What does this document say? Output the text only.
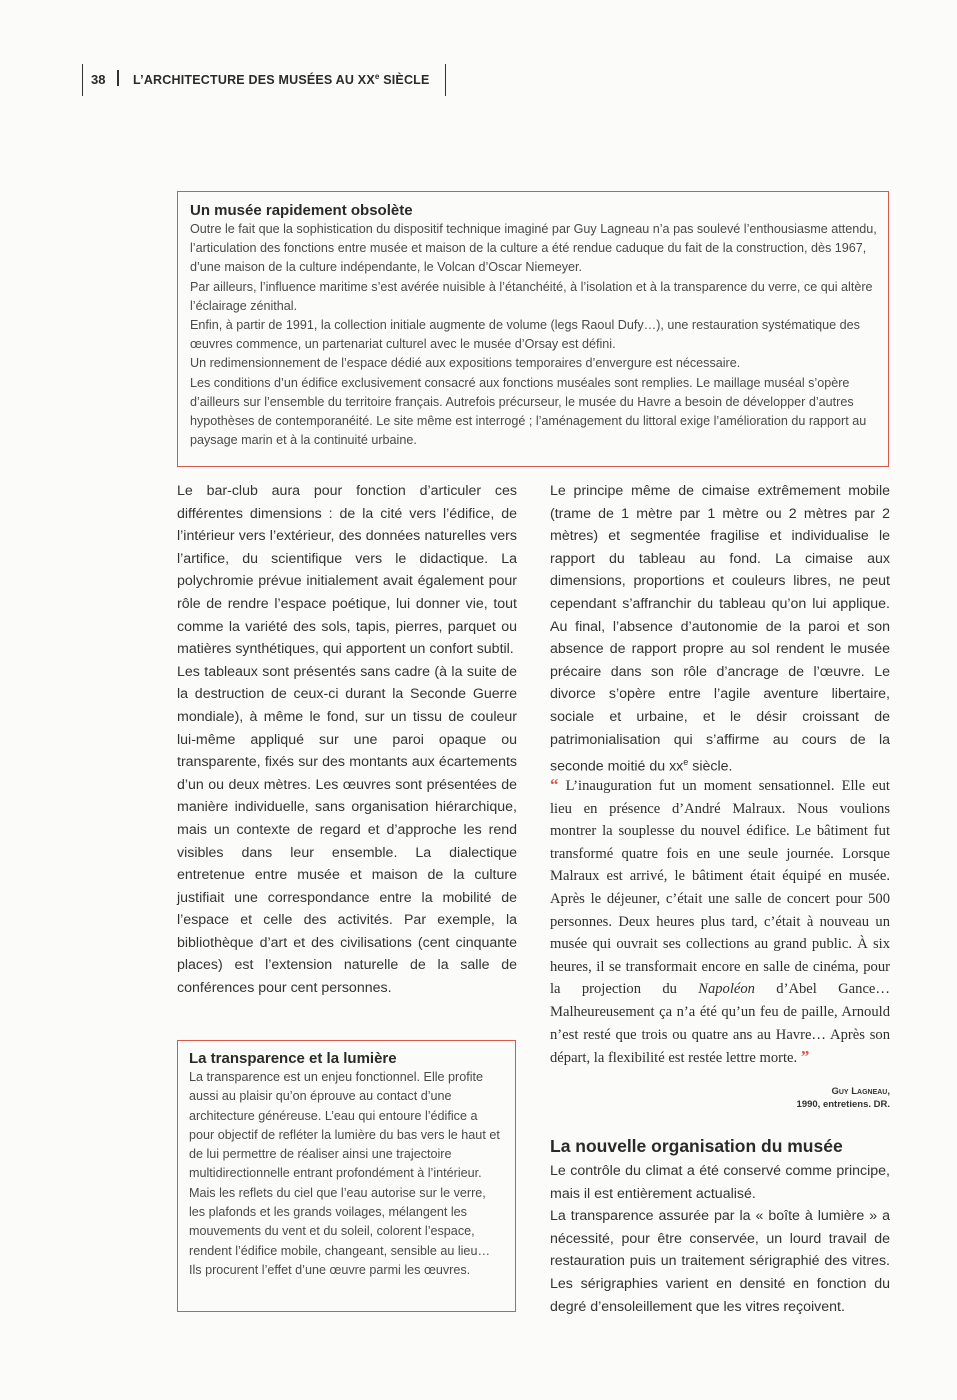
38 L’ARCHITECTURE DES MUSÉES AU XXe SIÈCLE

Un musée rapidement obsolète

Outre le fait que la sophistication du dispositif technique imaginé par Guy Lagneau n’a pas soulevé l’enthousiasme attendu, l’articulation des fonctions entre musée et maison de la culture a été rendue caduque du fait de la construction, dès 1967, d’une maison de la culture indépendante, le Volcan d’Oscar Niemeyer.

Par ailleurs, l’influence maritime s’est avérée nuisible à l’étanchéité, à l’isolation et à la transparence du verre, ce qui altère l’éclairage zénithal.

Enfin, à partir de 1991, la collection initiale augmente de volume (legs Raoul Dufy…), une restauration systématique des œuvres commence, un partenariat culturel avec le musée d’Orsay est défini.

Un redimensionnement de l’espace dédié aux expositions temporaires d’envergure est nécessaire.

Les conditions d’un édifice exclusivement consacré aux fonctions muséales sont remplies. Le maillage muséal s’opère d’ailleurs sur l’ensemble du territoire français. Autrefois précurseur, le musée du Havre a besoin de développer d’autres hypothèses de contemporanéité. Le site même est interrogé ; l’aménagement du littoral exige l’amélioration du rapport au paysage marin et à la continuité urbaine.

Le bar-club aura pour fonction d’articuler ces différentes dimensions : de la cité vers l’édifice, de l’intérieur vers l’extérieur, des données naturelles vers l’artifice, du scientifique vers le didactique. La polychromie prévue initialement avait également pour rôle de rendre l’espace poétique, lui donner vie, tout comme la variété des sols, tapis, pierres, parquet ou matières synthétiques, qui apportent un confort subtil.

Les tableaux sont présentés sans cadre (à la suite de la destruction de ceux-ci durant la Seconde Guerre mondiale), à même le fond, sur un tissu de couleur lui-même appliqué sur une paroi opaque ou transparente, fixés sur des montants aux écartements d’un ou deux mètres. Les œuvres sont présentées de manière individuelle, sans organisation hiérarchique, mais un contexte de regard et d’approche les rend visibles dans leur ensemble. La dialectique entretenue entre musée et maison de la culture justifiait une correspondance entre la mobilité de l’espace et celle des activités. Par exemple, la bibliothèque d’art et des civilisations (cent cinquante places) est l’extension naturelle de la salle de conférences pour cent personnes.

La transparence et la lumière

La transparence est un enjeu fonctionnel. Elle profite aussi au plaisir qu’on éprouve au contact d’une architecture généreuse. L’eau qui entoure l’édifice a pour objectif de refléter la lumière du bas vers le haut et de lui permettre de réaliser ainsi une trajectoire multidirectionnelle entrant profondément à l’intérieur. Mais les reflets du ciel que l’eau autorise sur le verre, les plafonds et les grands voilages, mélangent les mouvements du vent et du soleil, colorent l’espace, rendent l’édifice mobile, changeant, sensible au lieu… Ils procurent l’effet d’une œuvre parmi les œuvres.

Le principe même de cimaise extrêmement mobile (trame de 1 mètre par 1 mètre ou 2 mètres par 2 mètres) et segmentée fragilise et individualise le rapport du tableau au fond. La cimaise aux dimensions, proportions et couleurs libres, ne peut cependant s’affranchir du tableau qu’on lui applique. Au final, l’absence d’autonomie de la paroi et son absence de rapport propre au sol rendent le musée précaire dans son rôle d’ancrage de l’œuvre. Le divorce s’opère entre l’agile aventure libertaire, sociale et urbaine, et le désir croissant de patrimonialisation qui s’affirme au cours de la seconde moitié du $xx^e$ siècle.

“ L’inauguration fut un moment sensationnel. Elle eut lieu en présence d’André Malraux. Nous voulions montrer la souplesse du nouvel édifice. Le bâtiment fut transformé quatre fois en une seule journée. Lorsque Malraux est arrivé, le bâtiment était équipé en musée. Après le déjeuner, c’était une salle de concert pour 500 personnes. Deux heures plus tard, c’était à nouveau un musée qui ouvrait ses collections au grand public. À six heures, il se transformait encore en salle de cinéma, pour la projection du Napoléon d’Abel Gance… Malheureusement ça n’a été qu’un feu de paille, Arnould n’est resté que trois ou quatre ans au Havre… Après son départ, la flexibilité est restée lettre morte. ”
Guy Lagneau,
1990, entretiens. DR.
La nouvelle organisation du musée

Le contrôle du climat a été conservé comme principe, mais il est entièrement actualisé.

La transparence assurée par la « boîte à lumière » a nécessité, pour être conservée, un lourd travail de restauration puis un traitement sérigraphié des vitres. Les sérigraphies varient en densité en fonction du degré d’ensoleillement que les vitres reçoivent.
